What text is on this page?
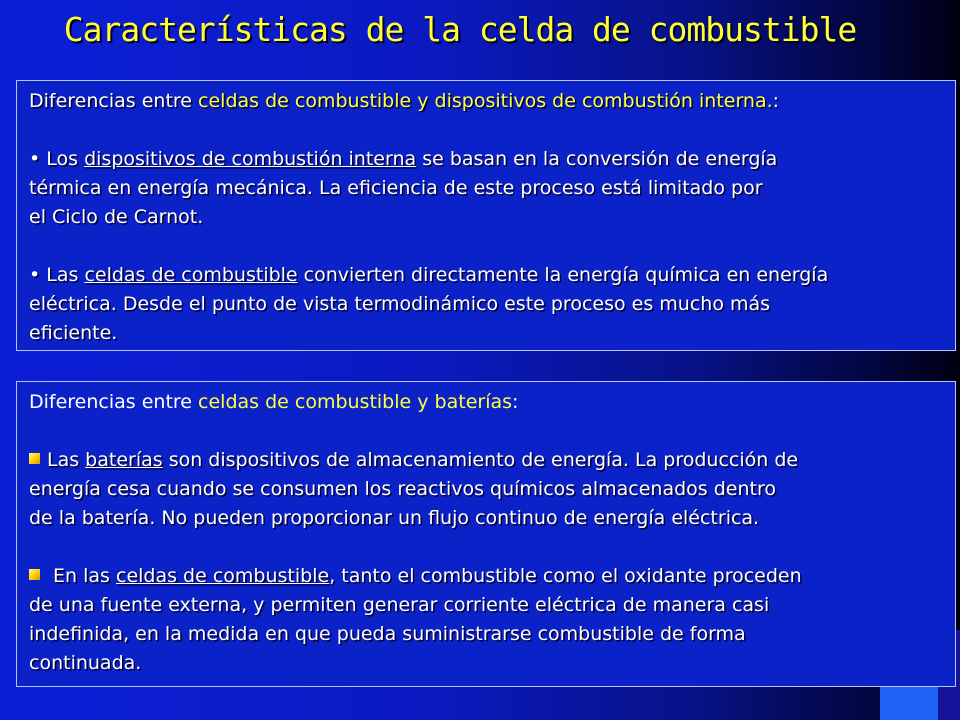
Características de la celda de combustible

Diferencias entre celdas de combustible y dispositivos de combustión interna.:

• Los dispositivos de combustión interna se basan en la conversión de energía

térmica en energía mecánica. La eficiencia de este proceso está limitado por

el Ciclo de Carnot.

• Las celdas de combustible convierten directamente la energía química en energía

eléctrica. Desde el punto de vista termodinámico este proceso es mucho más

eficiente.

Diferencias entre celdas de combustible y baterías:

Las baterías son dispositivos de almacenamiento de energía. La producción de

energía cesa cuando se consumen los reactivos químicos almacenados dentro

de la batería. No pueden proporcionar un flujo continuo de energía eléctrica.

En las celdas de combustible, tanto el combustible como el oxidante proceden

de una fuente externa, y permiten generar corriente eléctrica de manera casi

indefinida, en la medida en que pueda suministrarse combustible de forma

continuada.
